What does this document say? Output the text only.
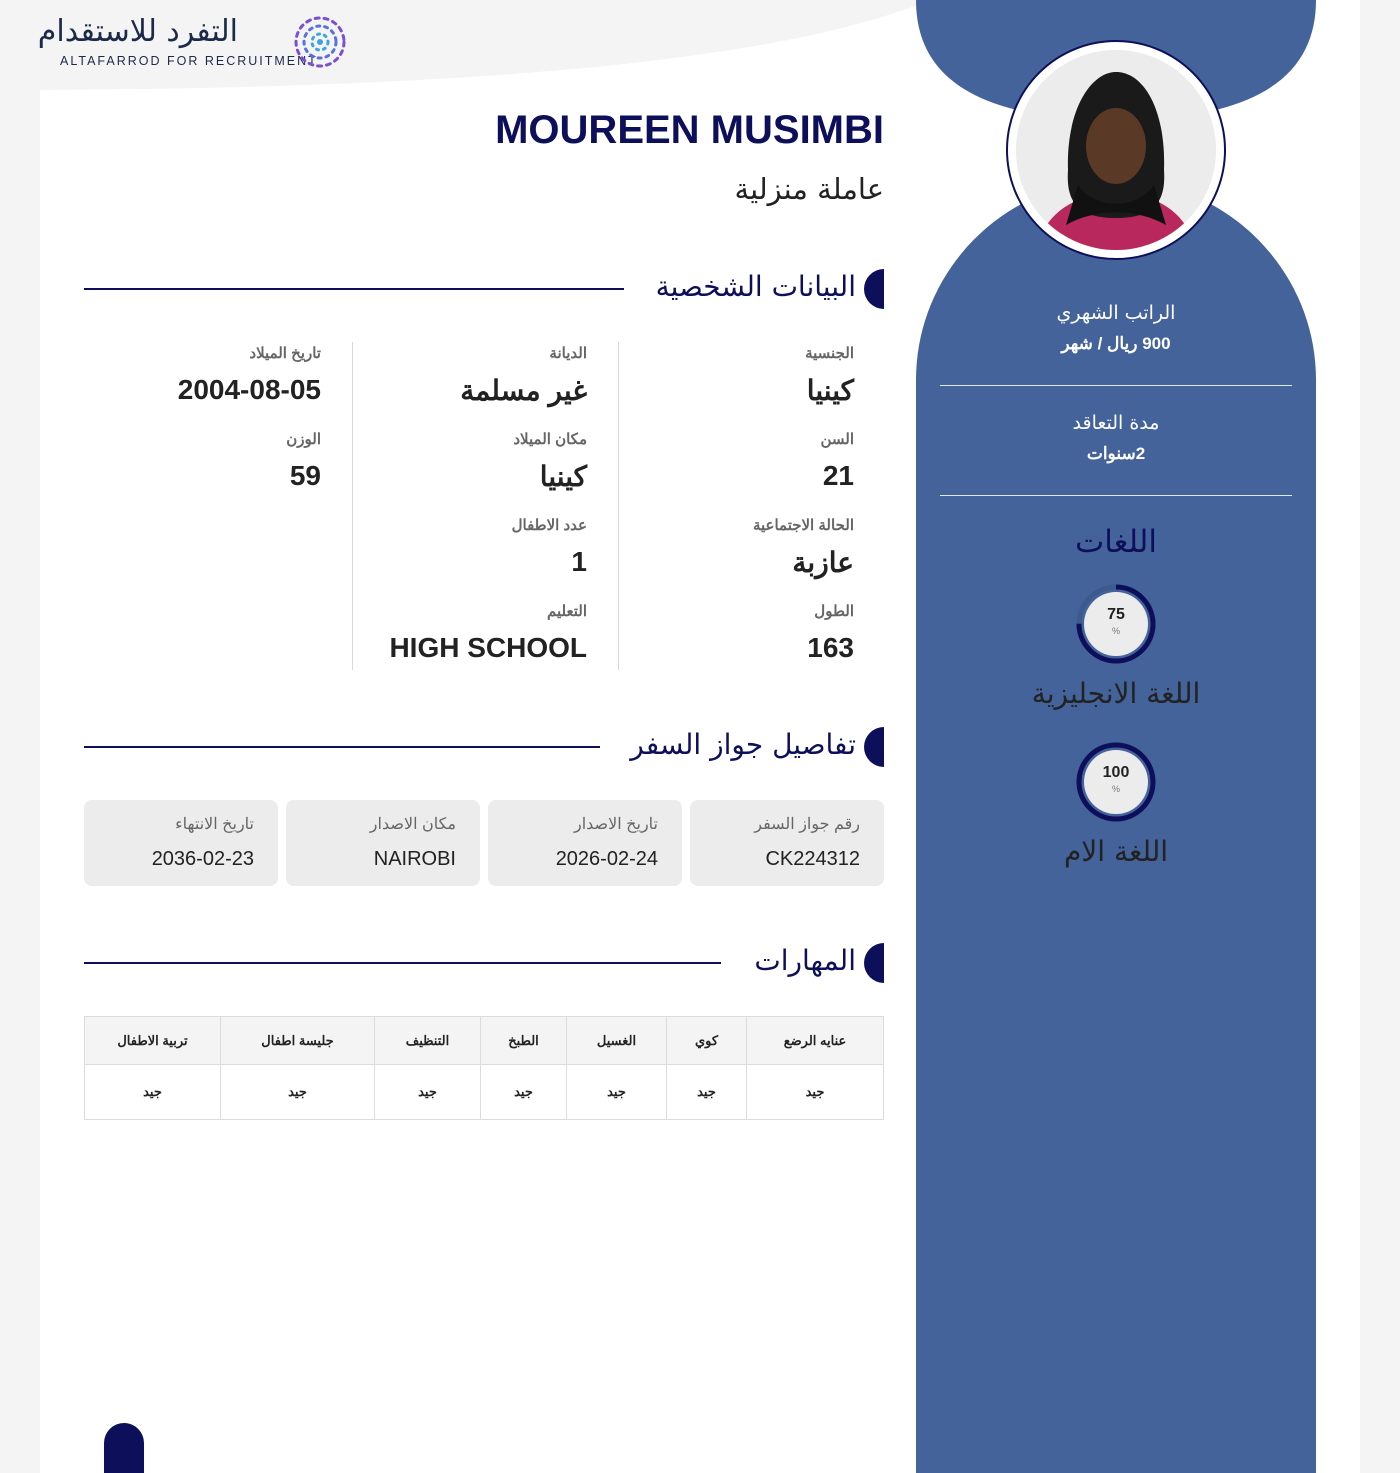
التفرد للاستقدام
ALTAFARROD FOR RECRUITMENT
الراتب الشهري
900 ريال / شهر
مدة التعاقد
2سنوات
اللغات
75
%
اللغة الانجليزية
100
%
اللغة الام
MOUREEN MUSIMBI
عاملة منزلية
البيانات الشخصية
الجنسية
كينيا
السن
21
الحالة الاجتماعية
عازبة
الطول
163
الديانة
غير مسلمة
مكان الميلاد
كينيا
عدد الاطفال
1
التعليم
HIGH SCHOOL
تاريخ الميلاد
2004-08-05
الوزن
59
تفاصيل جواز السفر
رقم جواز السفر
CK224312
تاريخ الاصدار
2026-02-24
مكان الاصدار
NAIROBI
تاريخ الانتهاء
2036-02-23
المهارات
عنايه الرضع	كوي	الغسيل	الطبخ	التنظيف	جليسة اطفال	تربية الاطفال
جيد	جيد	جيد	جيد	جيد	جيد	جيد
